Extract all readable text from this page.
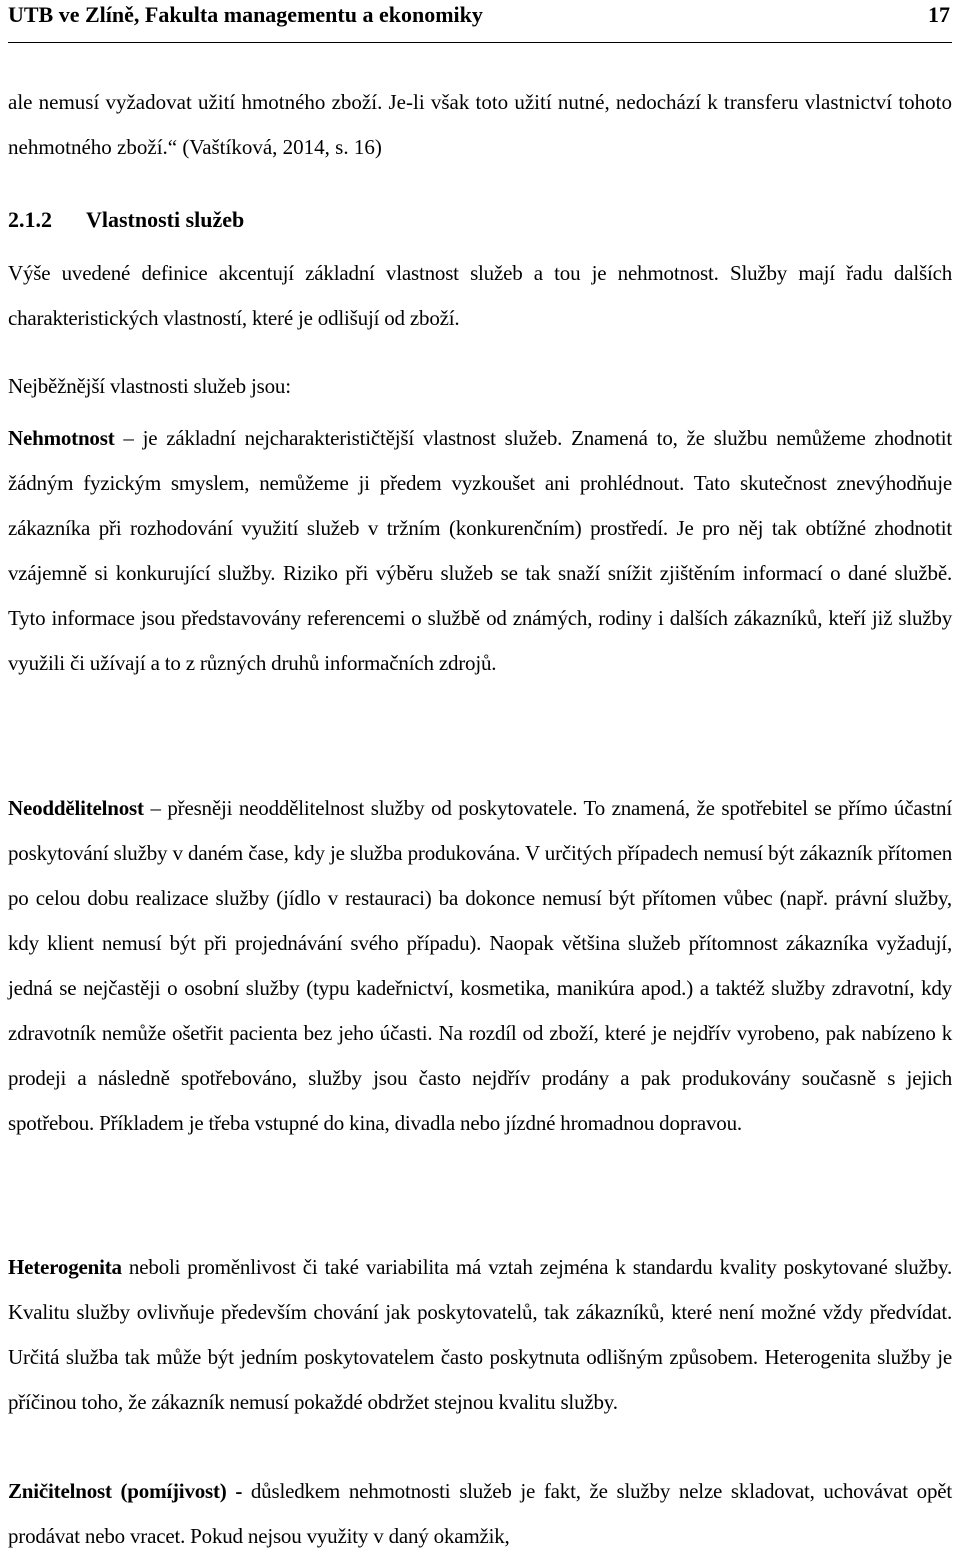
UTB ve Zlíně, Fakulta managementu a ekonomiky	17

ale nemusí vyžadovat užití hmotného zboží. Je-li však toto užití nutné, nedochází k transferu vlastnictví tohoto nehmotného zboží.“ (Vaštíková, 2014, s. 16)

2.1.2 Vlastnosti služeb

Výše uvedené definice akcentují základní vlastnost služeb a tou je nehmotnost. Služby mají řadu dalších charakteristických vlastností, které je odlišují od zboží.

Nejběžnější vlastnosti služeb jsou:

Nehmotnost – je základní nejcharakterističtější vlastnost služeb. Znamená to, že službu nemůžeme zhodnotit žádným fyzickým smyslem, nemůžeme ji předem vyzkoušet ani prohlédnout. Tato skutečnost znevýhodňuje zákazníka při rozhodování využití služeb v tržním (konkurenčním) prostředí. Je pro něj tak obtížné zhodnotit vzájemně si konkurující služby. Riziko při výběru služeb se tak snaží snížit zjištěním informací o dané službě. Tyto informace jsou představovány referencemi o službě od známých, rodiny i dalších zákazníků, kteří již služby využili či užívají a to z různých druhů informačních zdrojů.

Neoddělitelnost – přesněji neoddělitelnost služby od poskytovatele. To znamená, že spotřebitel se přímo účastní poskytování služby v daném čase, kdy je služba produkována. V určitých případech nemusí být zákazník přítomen po celou dobu realizace služby (jídlo v restauraci) ba dokonce nemusí být přítomen vůbec (např. právní služby, kdy klient nemusí být při projednávání svého případu). Naopak většina služeb přítomnost zákazníka vyžadují, jedná se nejčastěji o osobní služby (typu kadeřnictví, kosmetika, manikúra apod.) a taktéž služby zdravotní, kdy zdravotník nemůže ošetřit pacienta bez jeho účasti. Na rozdíl od zboží, které je nejdřív vyrobeno, pak nabízeno k prodeji a následně spotřebováno, služby jsou často nejdřív prodány a pak produkovány současně s jejich spotřebou. Příkladem je třeba vstupné do kina, divadla nebo jízdné hromadnou dopravou.

Heterogenita neboli proměnlivost či také variabilita má vztah zejména k standardu kvality poskytované služby. Kvalitu služby ovlivňuje především chování jak poskytovatelů, tak zákazníků, které není možné vždy předvídat. Určitá služba tak může být jedním poskytovatelem často poskytnuta odlišným způsobem. Heterogenita služby je příčinou toho, že zákazník nemusí pokaždé obdržet stejnou kvalitu služby.

Zničitelnost (pomíjivost) - důsledkem nehmotnosti služeb je fakt, že služby nelze skladovat, uchovávat opět prodávat nebo vracet. Pokud nejsou využity v daný okamžik,
